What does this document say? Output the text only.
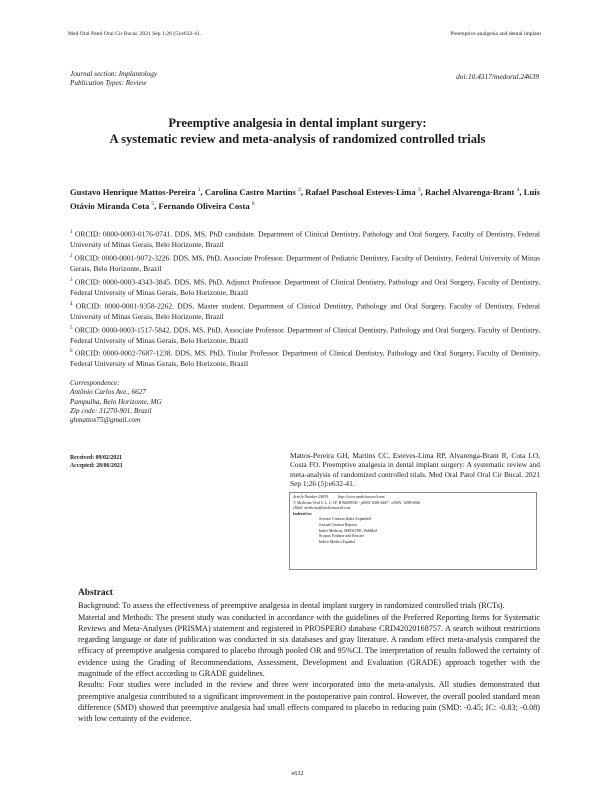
Med Oral Patol Oral Cir Bucal. 2021 Sep 1;26 (5):e632-41.	Preemptive analgesia and dental implant
Journal section: Implantology
Publication Types: Review
doi:10.4317/medoral.24639
Preemptive analgesia in dental implant surgery:
A systematic review and meta-analysis of randomized controlled trials
Gustavo Henrique Mattos-Pereira $^1$, Carolina Castro Martins $^2$, Rafael Paschoal Esteves-Lima $^3$, Rachel Alvarenga-Brant $^4$, Luís Otávio Miranda Cota $^5$, Fernando Oliveira Costa $^6$

$^1$ ORCID: 0000-0003-0176-0741. DDS, MS, PhD candidate. Department of Clinical Dentistry, Pathology and Oral Surgery, Faculty of Dentistry, Federal University of Minas Gerais, Belo Horizonte, Brazil

$^2$ ORCID: 0000-0001-9072-3226. DDS, MS, PhD, Associate Professor. Department of Pediatric Dentistry, Faculty of Dentistry, Federal University of Minas Gerais, Belo Horizonte, Brazil

$^3$ ORCID: 0000-0003-4343-3845. DDS, MS, PhD, Adjunct Professor. Department of Clinical Dentistry, Pathology and Oral Surgery, Faculty of Dentistry, Federal University of Minas Gerais, Belo Horizonte, Brazil

$^4$ ORCID: 0000-0001-9358-2262. DDS, Master student. Department of Clinical Dentistry, Pathology and Oral Surgery, Faculty of Dentistry, Federal University of Minas Gerais, Belo Horizonte, Brazil

$^5$ ORCID: 0000-0003-1517-5842. DDS, MS, PhD, Associate Professor. Department of Clinical Dentistry, Pathology and Oral Surgery, Faculty of Dentistry, Federal University of Minas Gerais, Belo Horizonte, Brazil

$^6$ ORCID: 0000-0002-7687-1238. DDS, MS, PhD, Titular Professor. Department of Clinical Dentistry, Pathology and Oral Surgery, Faculty of Dentistry, Federal University of Minas Gerais, Belo Horizonte, Brazil

Correspondence:
Antônio Carlos Ave., 6627
Pampulha, Belo Horizonte, MG
Zip code: 31270-901, Brazil
ghmattos75@gmail.com
Received: 09/02/2021
Accepted: 28/06/2021
Mattos-Pereira GH, Martins CC, Esteves-Lima RP, Alvarenga-Brant R, Cota LO, Costa FO. Preemptive analgesia in dental implant surgery: A systematic review and meta-analysis of randomized controlled trials. Med Oral Patol Oral Cir Bucal. 2021 Sep 1;26 (5):e632-41.
Article Number:24639          http://www.medicinaoral.com/
© Medicina Oral S. L. C.I.F. B 96689336 - pISSN 1698-4447 - eISSN: 1698-6946
eMail: medicina@medicinaoral.com
Indexed in:
Science Citation Index Expanded
Journal Citation Reports
Index Medicus, MEDLINE, PubMed
Scopus, Embase and Emcare
Indice Médico Español
Abstract

Background: To assess the effectiveness of preemptive analgesia in dental implant surgery in randomized controlled trials (RCTs).

Material and Methods: The present study was conducted in accordance with the guidelines of the Preferred Reporting Items for Systematic Reviews and Meta-Analyses (PRISMA) statement and registered in PROSPERO database CRD42020168757. A search without restrictions regarding language or date of publication was conducted in six databases and gray literature. A random effect meta-analysis compared the efficacy of preemptive analgesia compared to placebo through pooled OR and 95%CI. The interpretation of results followed the certainty of evidence using the Grading of Recommendations, Assessment, Development and Evaluation (GRADE) approach together with the magnitude of the effect according to GRADE guidelines.

Results: Four studies were included in the review and three were incorporated into the meta-analysis. All studies demonstrated that preemptive analgesia contributed to a significant improvement in the postoperative pain control. However, the overall pooled standard mean difference (SMD) showed that preemptive analgesia had small effects compared to placebo in reducing pain (SMD: -0.45; IC: -0.83; -0.08) with low certainty of the evidence.

e632
